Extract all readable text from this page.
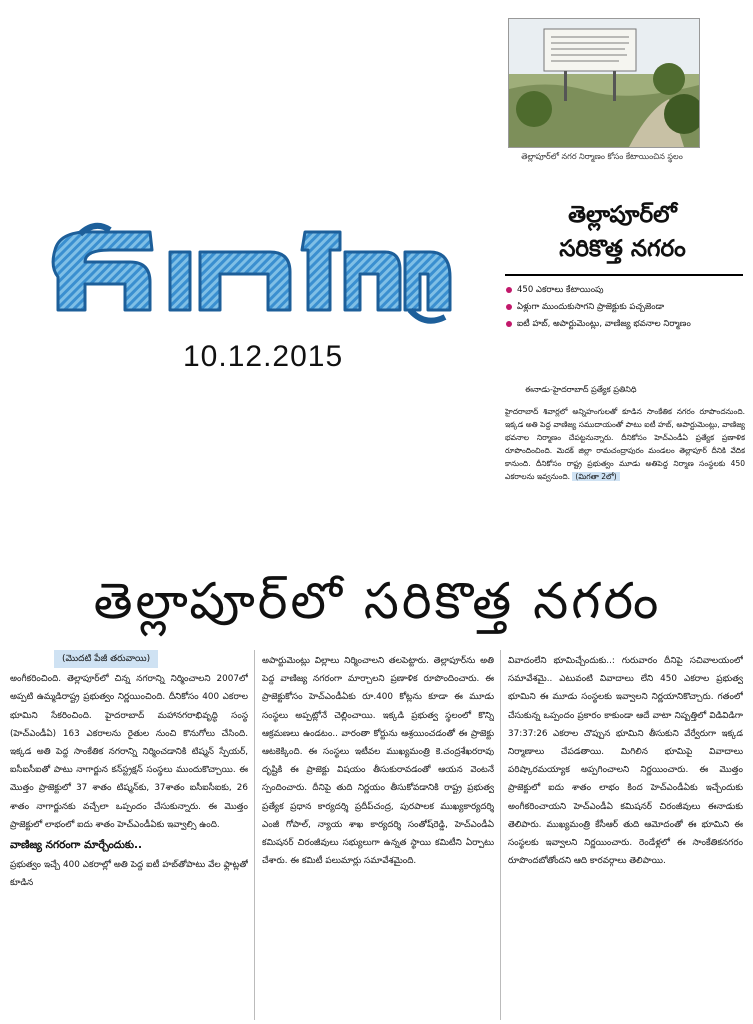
ఈనాడు
10.12.2015
తెల్లాపూర్‌లో నగర నిర్మాణం కోసం కేటాయించిన స్థలం
తెల్లాపూర్‌లో
సరికొత్త నగరం
450 ఎకరాలు కేటాయింపు
ఏళ్లుగా ముందుకుసాగని ప్రాజెక్టుకు పచ్చజెండా
ఐటీ హబ్, అపార్టుమెంట్లు, వాణిజ్య భవనాల నిర్మాణం
ఈనాడు-హైదరాబాద్ ప్రత్యేక ప్రతినిధి
హైదరాబాద్ శివార్లలో అన్నిహంగులతో కూడిన సాంకేతిక నగరం రూపొందనుంది. ఇక్కడ అతి పెద్ద వాణిజ్య సముదాయంతో పాటు ఐటీ హబ్, అపార్టుమెంట్లు, వాణిజ్య భవనాల నిర్మాణం చేపట్టనున్నారు. దీనికోసం హెచ్ఎండీఏ ప్రత్యేక ప్రణాళిక రూపొందించింది. మెదక్ జిల్లా రామచంద్రాపురం మండలం తెల్లాపూర్ దీనికి వేదిక కానుంది. దీనికోసం రాష్ట్ర ప్రభుత్వం మూడు అతిపెద్ద నిర్మాణ సంస్థలకు 450 ఎకరాలను ఇవ్వనుంది. (మిగతా 2లో)
తెల్లాపూర్‌లో సరికొత్త నగరం
(మొదటి పేజీ తరువాయి)
అంగీకరించింది. తెల్లాపూర్‌లో చిన్న నగరాన్ని నిర్మించాలని 2007లో అప్పటి ఉమ్మడిరాష్ట్ర ప్రభుత్వం నిర్ణయించింది. దీనికోసం 400 ఎకరాల భూమిని సేకరించింది. హైదరాబాద్ మహానగరాభివృద్ధి సంస్థ (హెచ్ఎండీఏ) 163 ఎకరాలను రైతుల నుంచి కొనుగోలు చేసింది. ఇక్కడ అతి పెద్ద సాంకేతిక నగరాన్ని నిర్మించడానికి టిష్మన్ స్పేయర్, ఐసీఐసీఐతో పాటు నాగార్జున కన్‌స్ట్రక్షన్ సంస్థలు ముందుకొచ్చాయి. ఈ మొత్తం ప్రాజెక్టులో 37 శాతం టిష్మన్‌కు, 37శాతం ఐసీఐసీఐకు, 26 శాతం నాగార్జునకు వచ్చేలా ఒప్పందం చేసుకున్నారు. ఈ మొత్తం ప్రాజెక్టులో లాభంలో ఐదు శాతం హెచ్ఎండీఏకు ఇవ్వాల్సి ఉంది.
వాణిజ్య నగరంగా మార్చేందుకు..
ప్రభుత్వం ఇచ్చే 400 ఎకరాల్లో అతి పెద్ద ఐటీ హబ్‌తోపాటు వేల ఫ్లాట్లతో కూడిన
అపార్టుమెంట్లు విల్లాలు నిర్మించాలని తలపెట్టారు. తెల్లాపూర్‌ను అతి పెద్ద వాణిజ్య నగరంగా మార్చాలని ప్రణాళిక రూపొందించారు. ఈ ప్రాజెక్టుకోసం హెచ్ఎండీఏకు రూ.400 కోట్లను కూడా ఈ మూడు సంస్థలు అప్పట్లోనే చెల్లించాయి. ఇక్కడి ప్రభుత్వ స్థలంలో కొన్ని ఆక్రమణలు ఉండటం.. వారంతా కోర్టును ఆశ్రయించడంతో ఈ ప్రాజెక్టు ఆటకెక్కింది. ఈ సంస్థలు ఇటీవల ముఖ్యమంత్రి కె.చంద్రశేఖరరావు దృష్టికి ఈ ప్రాజెక్టు విషయం తీసుకురావడంతో ఆయన వెంటనే స్పందించారు. దీనిపై తుది నిర్ణయం తీసుకోవడానికి రాష్ట్ర ప్రభుత్వ ప్రత్యేక ప్రధాన కార్యదర్శి ప్రదీప్‌చంద్ర, పురపాలక ముఖ్యకార్యదర్శి ఎంజీ గోపాల్, న్యాయ శాఖ కార్యదర్శి సంతోష్‌రెడ్డి, హెచ్ఎండీఏ కమిషనర్ చిరంజీవులు సభ్యులుగా ఉన్నత స్థాయి కమిటీని ఏర్పాటు చేశారు. ఈ కమిటీ పలుమార్లు సమావేశమైంది.
వివాదంలేని భూమిచ్చేందుకు..: గురువారం దీనిపై సచివాలయంలో సమావేశమై.. ఎటువంటి వివాదాలు లేని 450 ఎకరాల ప్రభుత్వ భూమిని ఈ మూడు సంస్థలకు ఇవ్వాలని నిర్ణయానికొచ్చారు. గతంలో చేసుకున్న ఒప్పందం ప్రకారం కాకుండా ఆదే వాటా నిష్పత్తిలో విడివిడిగా 37:37:26 ఎకరాల చొప్పున భూమిని తీసుకుని వేర్వేరుగా ఇక్కడ నిర్మాణాలు చేపడతాయి. మిగిలిన భూమిపై వివాదాలు పరిష్కారమయ్యాక అప్పగించాలని నిర్ణయించారు. ఈ మొత్తం ప్రాజెక్టులో ఐదు శాతం లాభం కింద హెచ్ఎండీఏకు ఇచ్చేందుకు అంగీకరించాయని హెచ్ఎండీఏ కమిషనర్ చిరంజీవులు ఈనాడుకు తెలిపారు. ముఖ్యమంత్రి కేసీఆర్ తుది ఆమోదంతో ఈ భూమిని ఈ సంస్థలకు ఇవ్వాలని నిర్ణయించారు. రెండేళ్లలో ఈ సాంకేతికనగరం రూపొందబోతోందని ఆది కారవర్గాలు తెలిపాయి.
